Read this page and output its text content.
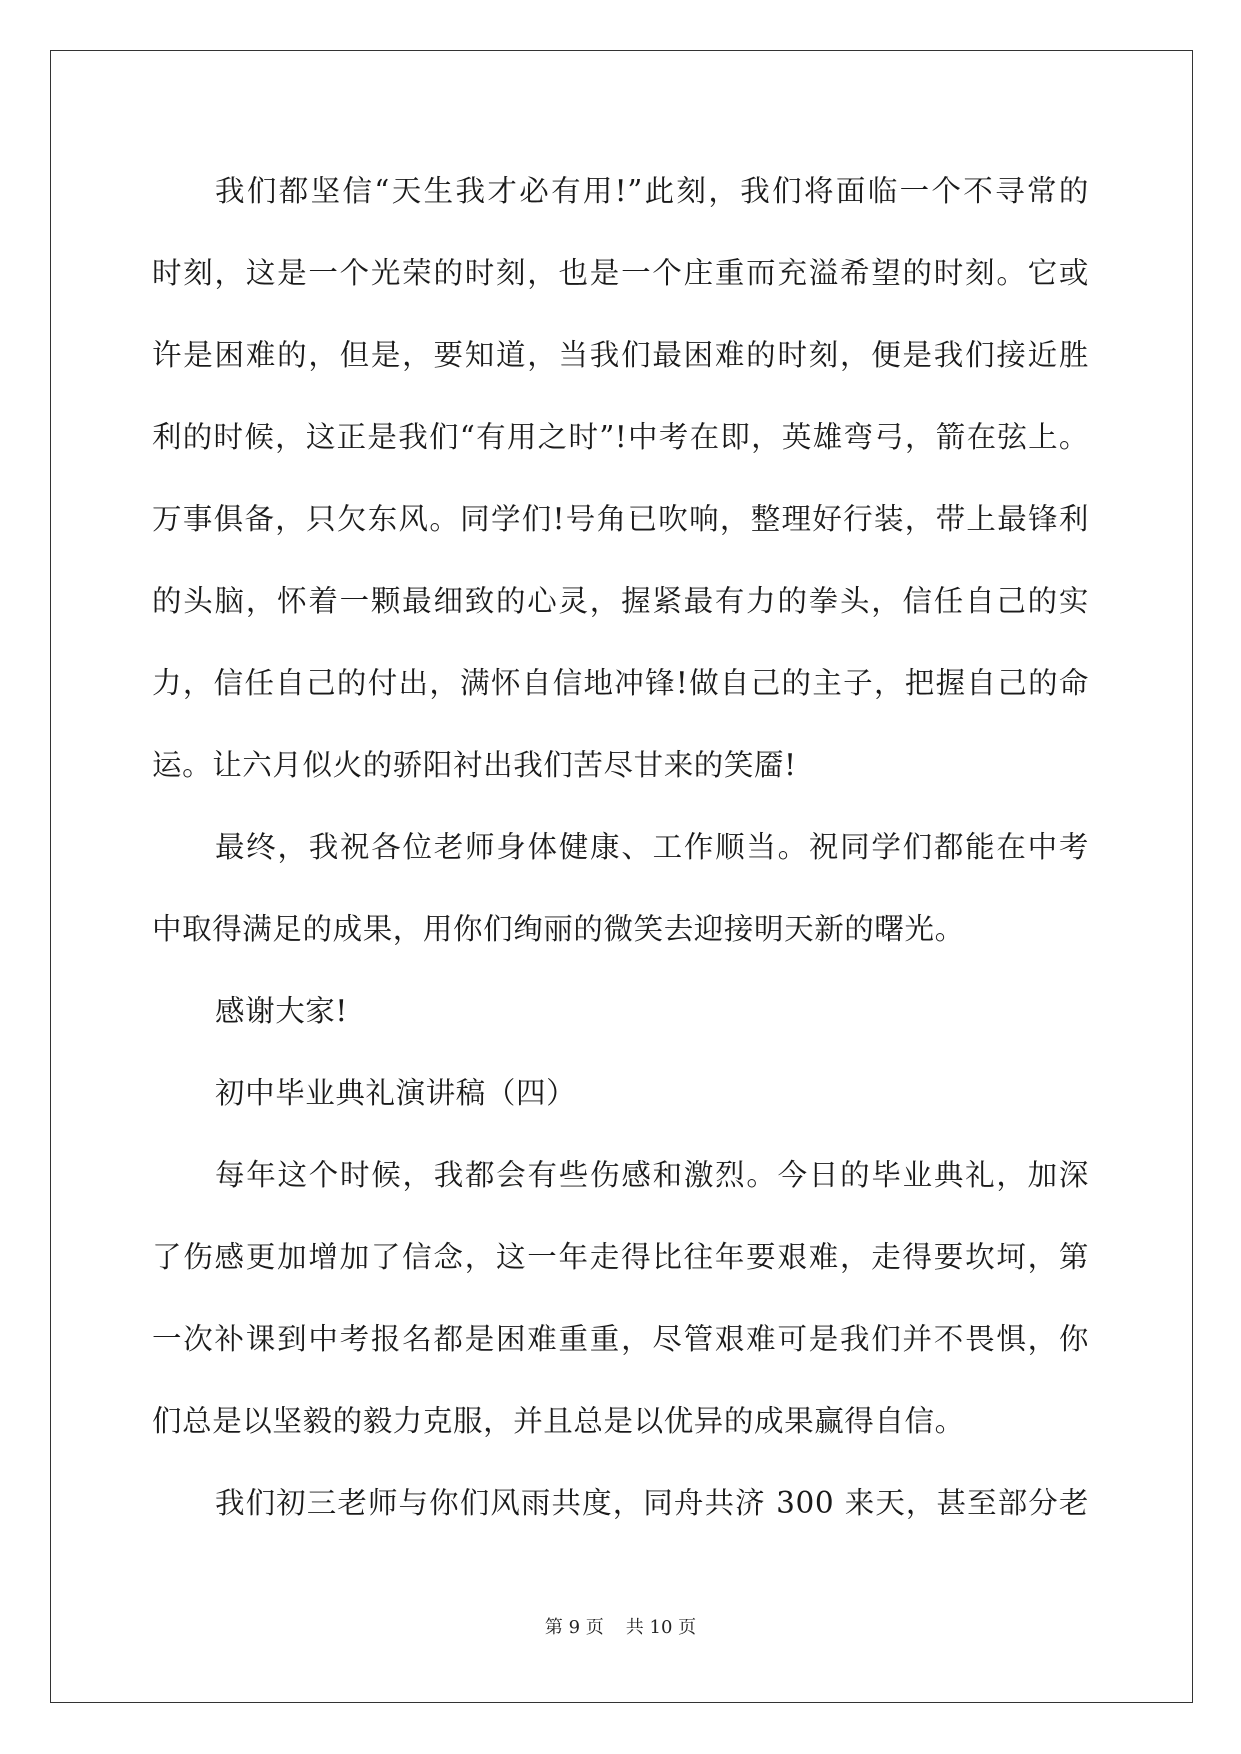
我们都坚信“天生我才必有用!”此刻，我们将面临一个不寻常的
时刻，这是一个光荣的时刻，也是一个庄重而充溢希望的时刻。它或
许是困难的，但是，要知道，当我们最困难的时刻，便是我们接近胜
利的时候，这正是我们“有用之时”!中考在即，英雄弯弓，箭在弦上。
万事俱备，只欠东风。同学们!号角已吹响，整理好行装，带上最锋利
的头脑，怀着一颗最细致的心灵，握紧最有力的拳头，信任自己的实
力，信任自己的付出，满怀自信地冲锋!做自己的主子，把握自己的命
运。让六月似火的骄阳衬出我们苦尽甘来的笑靥!
最终，我祝各位老师身体健康、工作顺当。祝同学们都能在中考
中取得满足的成果，用你们绚丽的微笑去迎接明天新的曙光。
感谢大家!
初中毕业典礼演讲稿（四）
每年这个时候，我都会有些伤感和激烈。今日的毕业典礼，加深
了伤感更加增加了信念，这一年走得比往年要艰难，走得要坎坷，第
一次补课到中考报名都是困难重重，尽管艰难可是我们并不畏惧，你
们总是以坚毅的毅力克服，并且总是以优异的成果赢得自信。
我们初三老师与你们风雨共度，同舟共济 300 来天，甚至部分老
第 9 页 共 10 页
